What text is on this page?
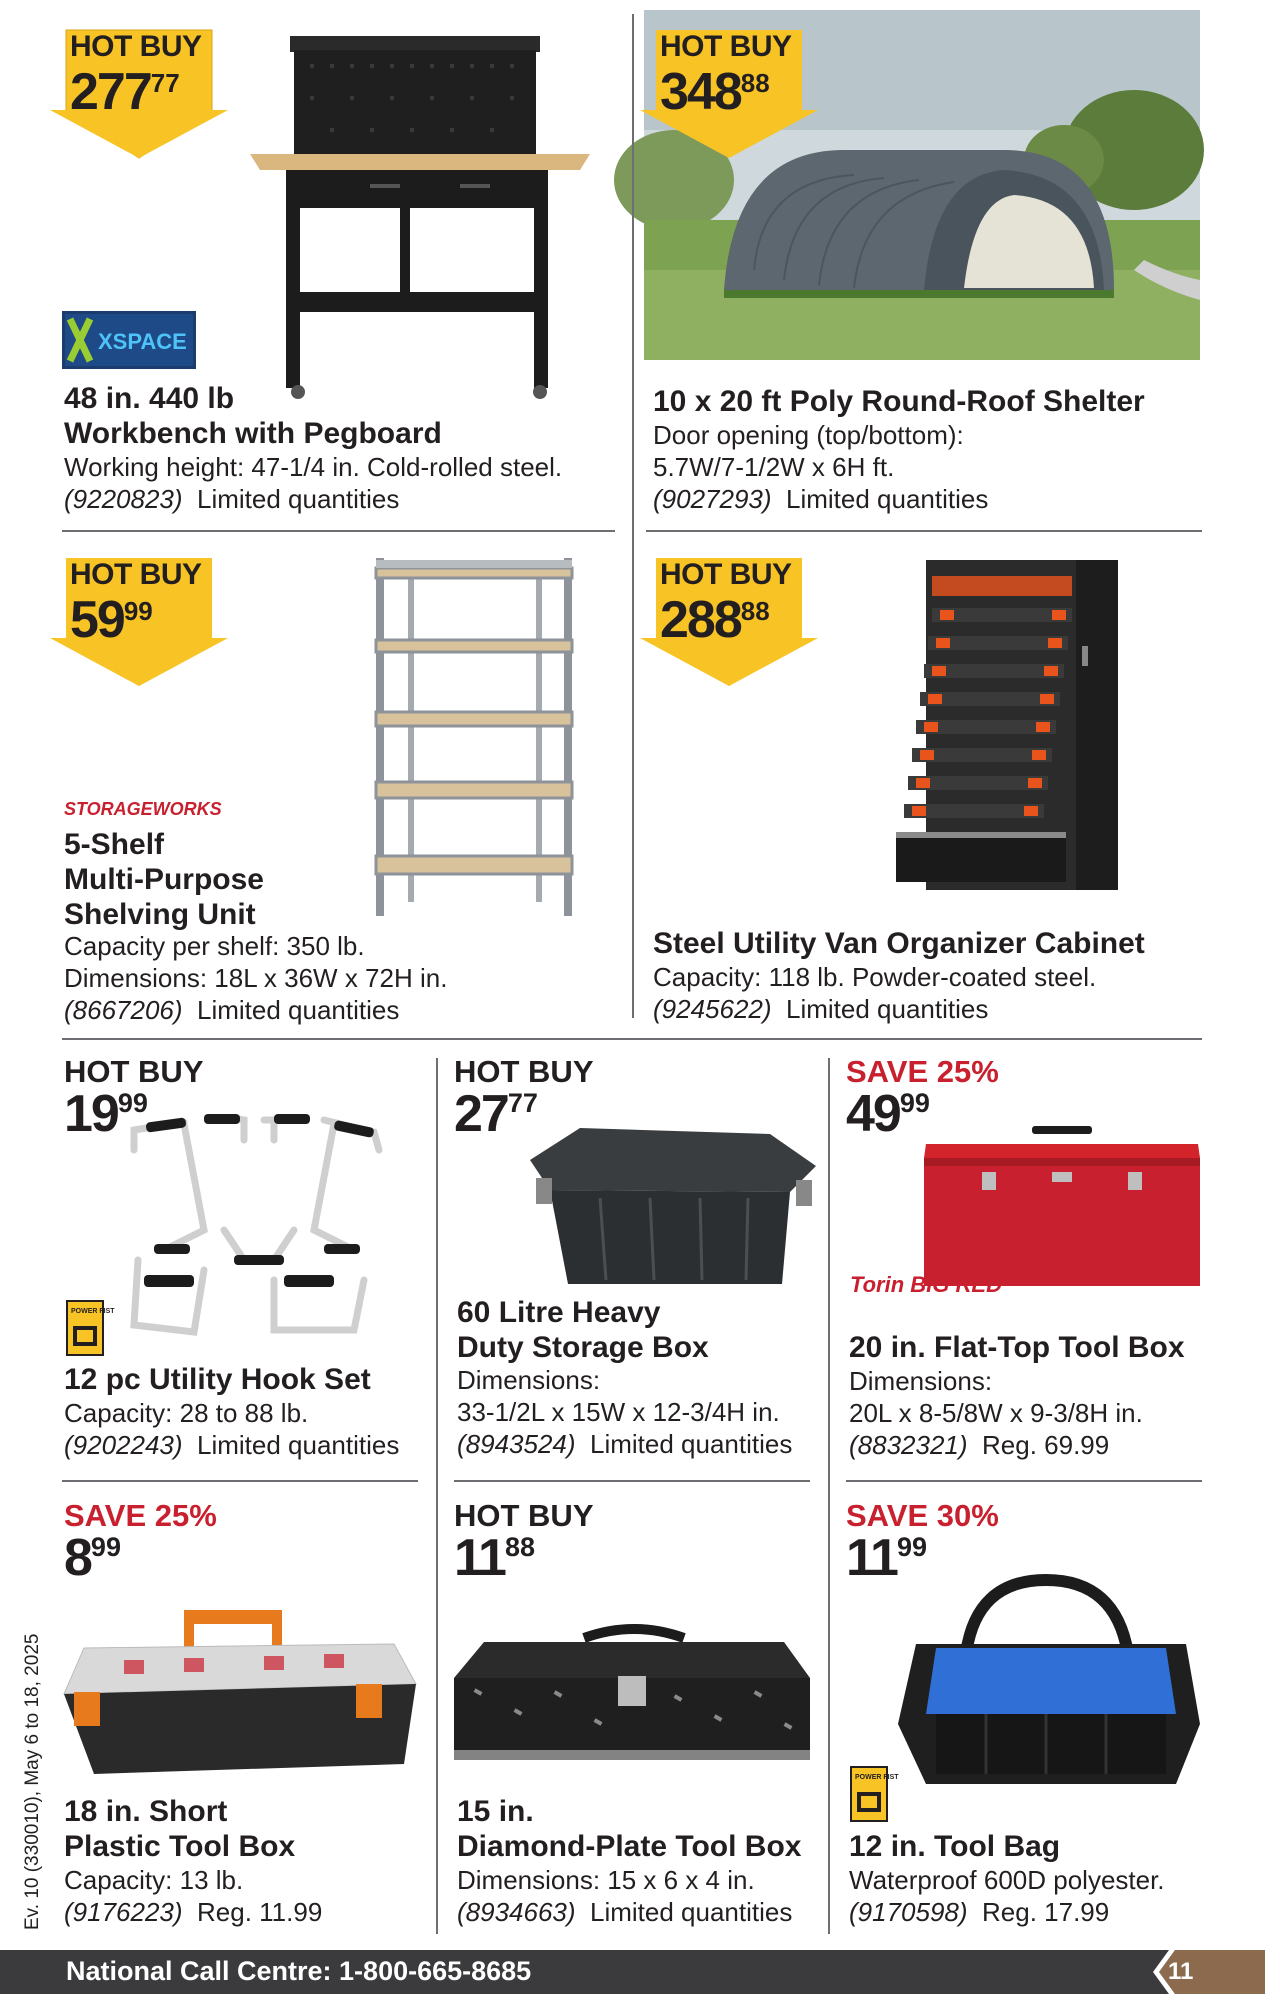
HOT BUY
$277^{77}$
XSPACE
48 in. 440 lb
Workbench with Pegboard
Working height: 47-1/4 in. Cold-rolled steel.
(9220823) Limited quantities
HOT BUY
$348^{88}$
10 x 20 ft Poly Round-Roof Shelter
Door opening (top/bottom):
5.7W/7-1/2W x 6H ft.
(9027293) Limited quantities
HOT BUY
$59^{99}$
STORAGEWORKS
5-Shelf
Multi-Purpose
Shelving Unit
Capacity per shelf: 350 lb.
Dimensions: 18L x 36W x 72H in.
(8667206) Limited quantities
HOT BUY
$288^{88}$
Steel Utility Van Organizer Cabinet
Capacity: 118 lb. Powder-coated steel.
(9245622) Limited quantities
HOT BUY
$19^{99}$
POWER FIST
12 pc Utility Hook Set
Capacity: 28 to 88 lb.
(9202243) Limited quantities
HOT BUY
$27^{77}$
60 Litre Heavy
Duty Storage Box
Dimensions:
33-1/2L x 15W x 12-3/4H in.
(8943524) Limited quantities
SAVE 25%
$49^{99}$
Torin BIG RED
20 in. Flat-Top Tool Box
Dimensions:
20L x 8-5/8W x 9-3/8H in.
(8832321) Reg. 69.99
SAVE 25%
$8^{99}$
18 in. Short
Plastic Tool Box
Capacity: 13 lb.
(9176223) Reg. 11.99
HOT BUY
$11^{88}$
15 in.
Diamond-Plate Tool Box
Dimensions: 15 x 6 x 4 in.
(8934663) Limited quantities
SAVE 30%
$11^{99}$
POWER FIST
12 in. Tool Bag
Waterproof 600D polyester.
(9170598) Reg. 17.99
Ev. 10 (330010), May 6 to 18, 2025
National Call Centre: 1-800-665-8685	11
